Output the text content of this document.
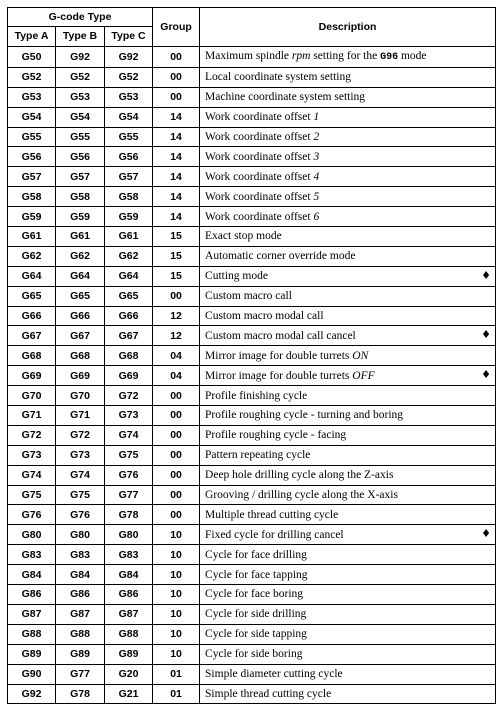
G-code Type			Group	Description
Type A	Type B	Type C		
G50	G92	G92	00	Maximum spindle rpm setting for the G96 mode
G52	G52	G52	00	Local coordinate system setting
G53	G53	G53	00	Machine coordinate system setting
G54	G54	G54	14	Work coordinate offset 1
G55	G55	G55	14	Work coordinate offset 2
G56	G56	G56	14	Work coordinate offset 3
G57	G57	G57	14	Work coordinate offset 4
G58	G58	G58	14	Work coordinate offset 5
G59	G59	G59	14	Work coordinate offset 6
G61	G61	G61	15	Exact stop mode
G62	G62	G62	15	Automatic corner override mode
G64	G64	G64	15	Cutting mode ♦

G65	G65	G65	00	Custom macro call
G66	G66	G66	12	Custom macro modal call
G67	G67	G67	12	Custom macro modal call cancel ♦

G68	G68	G68	04	Mirror image for double turrets ON
G69	G69	G69	04	Mirror image for double turrets OFF ♦

G70	G70	G72	00	Profile finishing cycle
G71	G71	G73	00	Profile roughing cycle - turning and boring
G72	G72	G74	00	Profile roughing cycle - facing
G73	G73	G75	00	Pattern repeating cycle
G74	G74	G76	00	Deep hole drilling cycle along the Z-axis
G75	G75	G77	00	Grooving / drilling cycle along the X-axis
G76	G76	G78	00	Multiple thread cutting cycle
G80	G80	G80	10	Fixed cycle for drilling cancel ♦

G83	G83	G83	10	Cycle for face drilling
G84	G84	G84	10	Cycle for face tapping
G86	G86	G86	10	Cycle for face boring
G87	G87	G87	10	Cycle for side drilling
G88	G88	G88	10	Cycle for side tapping
G89	G89	G89	10	Cycle for side boring
G90	G77	G20	01	Simple diameter cutting cycle
G92	G78	G21	01	Simple thread cutting cycle
